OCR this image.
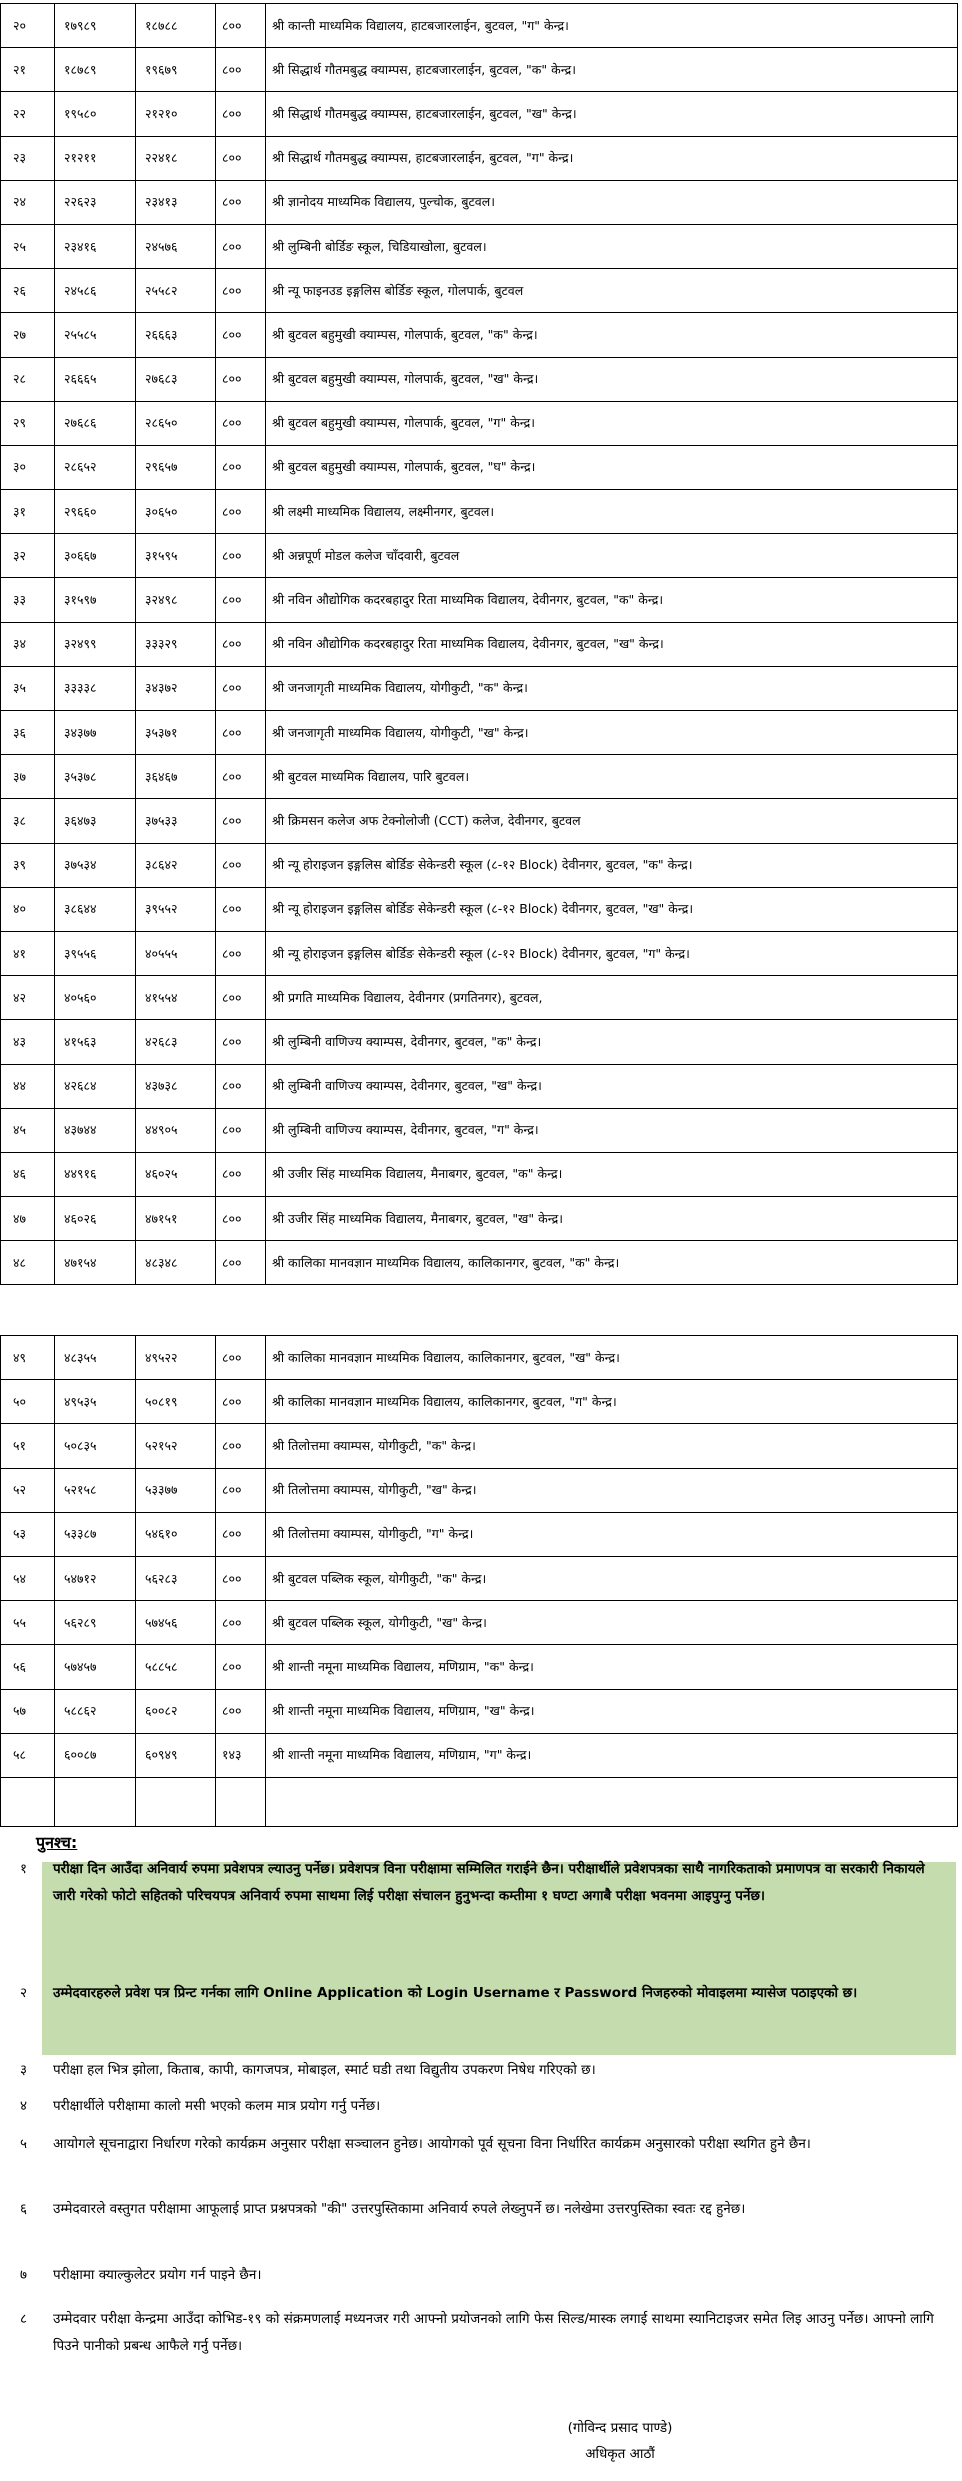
२०	१७९८९	१८७८८	८००	श्री कान्ती माध्यमिक विद्यालय, हाटबजारलाईन, बुटवल, "ग" केन्द्र।
२१	१८७८९	१९६७९	८००	श्री सिद्धार्थ गौतमबुद्ध क्याम्पस, हाटबजारलाईन, बुटवल, "क" केन्द्र।
२२	१९५८०	२१२१०	८००	श्री सिद्धार्थ गौतमबुद्ध क्याम्पस, हाटबजारलाईन, बुटवल, "ख" केन्द्र।
२३	२१२११	२२४१८	८००	श्री सिद्धार्थ गौतमबुद्ध क्याम्पस, हाटबजारलाईन, बुटवल, "ग" केन्द्र।
२४	२२६२३	२३४१३	८००	श्री ज्ञानोदय माध्यमिक विद्यालय, पुल्चोक, बुटवल।
२५	२३४१६	२४५७६	८००	श्री लुम्बिनी बोर्डिङ स्कूल, चिडियाखोला, बुटवल।
२६	२४५८६	२५५८२	८००	श्री न्यू फाइनउड इङ्गलिस बोर्डिङ स्कूल, गोलपार्क, बुटवल
२७	२५५८५	२६६६३	८००	श्री बुटवल बहुमुखी क्याम्पस, गोलपार्क, बुटवल, "क" केन्द्र।
२८	२६६६५	२७६८३	८००	श्री बुटवल बहुमुखी क्याम्पस, गोलपार्क, बुटवल, "ख" केन्द्र।
२९	२७६८६	२८६५०	८००	श्री बुटवल बहुमुखी क्याम्पस, गोलपार्क, बुटवल, "ग" केन्द्र।
३०	२८६५२	२९६५७	८००	श्री बुटवल बहुमुखी क्याम्पस, गोलपार्क, बुटवल, "घ" केन्द्र।
३१	२९६६०	३०६५०	८००	श्री लक्ष्मी माध्यमिक विद्यालय, लक्ष्मीनगर, बुटवल।
३२	३०६६७	३१५९५	८००	श्री अन्नपूर्ण मोडल कलेज चाँदवारी, बुटवल
३३	३१५९७	३२४९८	८००	श्री नविन औद्योगिक कदरबहादुर रिता माध्यमिक विद्यालय, देवीनगर, बुटवल, "क" केन्द्र।
३४	३२४९९	३३३२९	८००	श्री नविन औद्योगिक कदरबहादुर रिता माध्यमिक विद्यालय, देवीनगर, बुटवल, "ख" केन्द्र।
३५	३३३३८	३४३७२	८००	श्री जनजागृती माध्यमिक विद्यालय, योगीकुटी, "क" केन्द्र।
३६	३४३७७	३५३७१	८००	श्री जनजागृती माध्यमिक विद्यालय, योगीकुटी, "ख" केन्द्र।
३७	३५३७८	३६४६७	८००	श्री बुटवल माध्यमिक विद्यालय, पारि बुटवल।
३८	३६४७३	३७५३३	८००	श्री क्रिमसन कलेज अफ टेक्नोलोजी (CCT) कलेज, देवीनगर, बुटवल
३९	३७५३४	३८६४२	८००	श्री न्यू होराइजन इङ्गलिस बोर्डिङ सेकेन्डरी स्कूल (८-१२ Block) देवीनगर, बुटवल, "क" केन्द्र।
४०	३८६४४	३९५५२	८००	श्री न्यू होराइजन इङ्गलिस बोर्डिङ सेकेन्डरी स्कूल (८-१२ Block) देवीनगर, बुटवल, "ख" केन्द्र।
४१	३९५५६	४०५५५	८००	श्री न्यू होराइजन इङ्गलिस बोर्डिङ सेकेन्डरी स्कूल (८-१२ Block) देवीनगर, बुटवल, "ग" केन्द्र।
४२	४०५६०	४१५५४	८००	श्री प्रगति माध्यमिक विद्यालय, देवीनगर (प्रगतिनगर), बुटवल,
४३	४१५६३	४२६८३	८००	श्री लुम्बिनी वाणिज्य क्याम्पस, देवीनगर, बुटवल, "क" केन्द्र।
४४	४२६८४	४३७३८	८००	श्री लुम्बिनी वाणिज्य क्याम्पस, देवीनगर, बुटवल, "ख" केन्द्र।
४५	४३७४४	४४९०५	८००	श्री लुम्बिनी वाणिज्य क्याम्पस, देवीनगर, बुटवल, "ग" केन्द्र।
४६	४४९१६	४६०२५	८००	श्री उजीर सिंह माध्यमिक विद्यालय, मैनाबगर, बुटवल, "क" केन्द्र।
४७	४६०२६	४७१५१	८००	श्री उजीर सिंह माध्यमिक विद्यालय, मैनाबगर, बुटवल, "ख" केन्द्र।
४८	४७१५४	४८३४८	८००	श्री कालिका मानवज्ञान माध्यमिक विद्यालय, कालिकानगर, बुटवल, "क" केन्द्र।
४९	४८३५५	४९५२२	८००	श्री कालिका मानवज्ञान माध्यमिक विद्यालय, कालिकानगर, बुटवल, "ख" केन्द्र।
५०	४९५३५	५०८१९	८००	श्री कालिका मानवज्ञान माध्यमिक विद्यालय, कालिकानगर, बुटवल, "ग" केन्द्र।
५१	५०८३५	५२१५२	८००	श्री तिलोत्तमा क्याम्पस, योगीकुटी, "क" केन्द्र।
५२	५२१५८	५३३७७	८००	श्री तिलोत्तमा क्याम्पस, योगीकुटी, "ख" केन्द्र।
५३	५३३८७	५४६१०	८००	श्री तिलोत्तमा क्याम्पस, योगीकुटी, "ग" केन्द्र।
५४	५४७१२	५६२८३	८००	श्री बुटवल पब्लिक स्कूल, योगीकुटी, "क" केन्द्र।
५५	५६२८९	५७४५६	८००	श्री बुटवल पब्लिक स्कूल, योगीकुटी, "ख" केन्द्र।
५६	५७४५७	५८८५८	८००	श्री शान्ती नमूना माध्यमिक विद्यालय, मणिग्राम, "क" केन्द्र।
५७	५८८६२	६००८२	८००	श्री शान्ती नमूना माध्यमिक विद्यालय, मणिग्राम, "ख" केन्द्र।
५८	६००८७	६०९४९	१४३	श्री शान्ती नमूना माध्यमिक विद्यालय, मणिग्राम, "ग" केन्द्र।

पुनश्च:
१ परीक्षा दिन आउँदा अनिवार्य रुपमा प्रवेशपत्र ल्याउनु पर्नेछ। प्रवेशपत्र विना परीक्षामा सम्मिलित गराईने छैन। परीक्षार्थीले प्रवेशपत्रका साथै नागरिकताको प्रमाणपत्र वा सरकारी निकायले जारी गरेको फोटो सहितको परिचयपत्र अनिवार्य रुपमा साथमा लिई परीक्षा संचालन हुनुभन्दा कम्तीमा १ घण्टा अगाबै परीक्षा भवनमा आइपुग्नु पर्नेछ।
२ उम्मेदवारहरुले प्रवेश पत्र प्रिन्ट गर्नका लागि Online Application को Login Username र Password निजहरुको मोवाइलमा म्यासेज पठाइएको छ।
३ परीक्षा हल भित्र झोला, किताब, कापी, कागजपत्र, मोबाइल, स्मार्ट घडी तथा विद्युतीय उपकरण निषेध गरिएको छ।
४ परीक्षार्थीले परीक्षामा कालो मसी भएको कलम मात्र प्रयोग गर्नु पर्नेछ।
५ आयोगले सूचनाद्वारा निर्धारण गरेको कार्यक्रम अनुसार परीक्षा सञ्चालन हुनेछ। आयोगको पूर्व सूचना विना निर्धारित कार्यक्रम अनुसारको परीक्षा स्थगित हुने छैन।
६ उम्मेदवारले वस्तुगत परीक्षामा आफूलाई प्राप्त प्रश्नपत्रको "की" उत्तरपुस्तिकामा अनिवार्य रुपले लेख्नुपर्ने छ। नलेखेमा उत्तरपुस्तिका स्वतः रद्द हुनेछ।
७ परीक्षामा क्याल्कुलेटर प्रयोग गर्न पाइने छैन।
८ उम्मेदवार परीक्षा केन्द्रमा आउँदा कोभिड-१९ को संक्रमणलाई मध्यनजर गरी आफ्नो प्रयोजनको लागि फेस सिल्ड/मास्क लगाई साथमा स्यानिटाइजर समेत लिइ आउनु पर्नेछ। आफ्नो लागि पिउने पानीको प्रबन्ध आफैले गर्नु पर्नेछ।
(गोविन्द प्रसाद पाण्डे)
अधिकृत आठौं
